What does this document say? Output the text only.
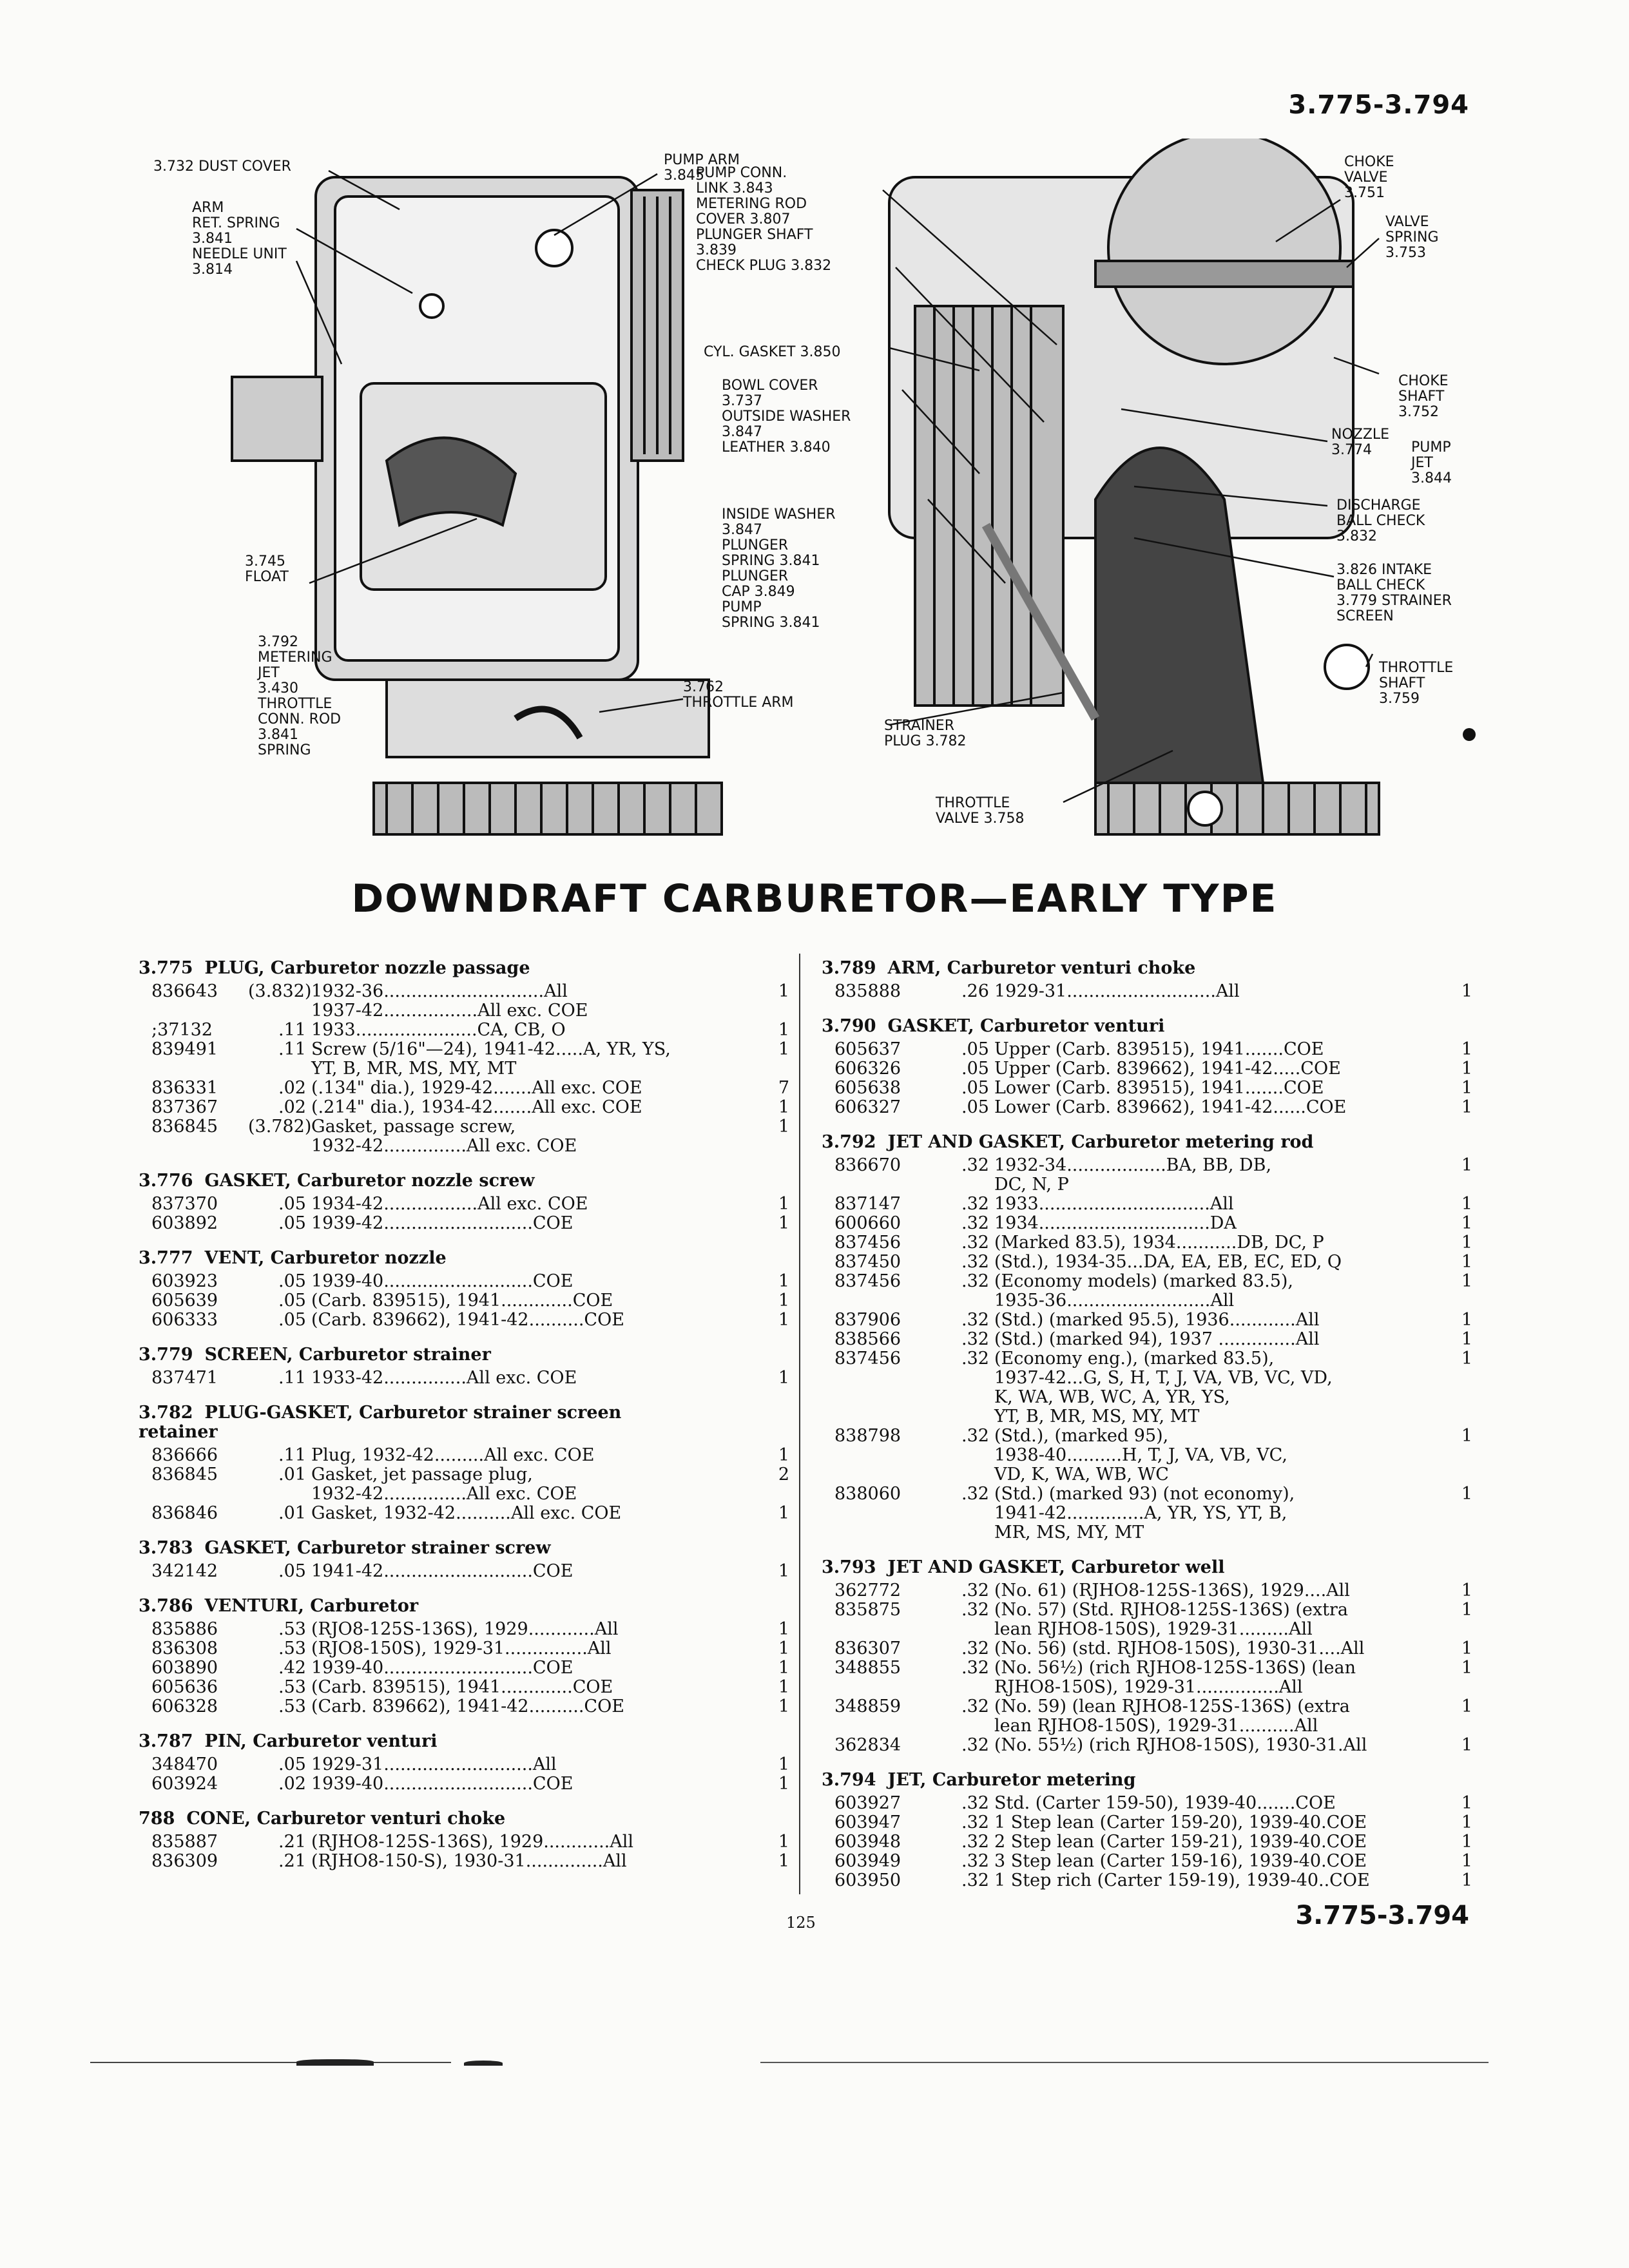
3.775-3.794
3.732 DUST COVER
ARM
RET. SPRING
3.841
NEEDLE UNIT
3.814
3.745
FLOAT
3.792
METERING
JET
3.430
THROTTLE
CONN. ROD
3.841
SPRING
PUMP ARM
3.845
3.762
THROTTLE ARM
PUMP CONN.
LINK 3.843
METERING ROD
COVER 3.807
PLUNGER SHAFT
3.839
CHECK PLUG 3.832
CYL. GASKET 3.850
BOWL COVER
3.737
OUTSIDE WASHER
3.847
LEATHER 3.840
INSIDE WASHER
3.847
PLUNGER
SPRING 3.841
PLUNGER
CAP 3.849
PUMP
SPRING 3.841
STRAINER
PLUG 3.782
THROTTLE
VALVE 3.758
CHOKE
VALVE
3.751
VALVE
SPRING
3.753
CHOKE
SHAFT
3.752
NOZZLE
3.774	PUMP
JET
3.844
DISCHARGE
BALL CHECK
3.832
3.826 INTAKE
BALL CHECK
3.779 STRAINER
SCREEN
THROTTLE
SHAFT
3.759
DOWNDRAFT CARBURETOR—EARLY TYPE
3.775 PLUG, Carburetor nozzle passage
836643	(3.832) 1932-36.............................All
1937-42.................All exc. COE
1
;37132	.11 1933......................CA, CB, O	1
839491	.11 Screw (5/16"—24), 1941-42.....A, YR, YS,
YT, B, MR, MS, MY, MT
1
836331	.02 (.134" dia.), 1929-42.......All exc. COE	7
837367	.02 (.214" dia.), 1934-42.......All exc. COE	1
836845	(3.782) Gasket, passage screw,
1932-42...............All exc. COE
1
3.776 GASKET, Carburetor nozzle screw
837370	.05 1934-42.................All exc. COE	1
603892	.05 1939-42...........................COE	1
3.777 VENT, Carburetor nozzle
603923	.05 1939-40...........................COE	1
605639	.05 (Carb. 839515), 1941.............COE	1
606333	.05 (Carb. 839662), 1941-42..........COE	1
3.779 SCREEN, Carburetor strainer
837471	.11 1933-42...............All exc. COE	1
3.782 PLUG-GASKET, Carburetor strainer screen
retainer
836666	.11 Plug, 1932-42.........All exc. COE	1
836845	.01 Gasket, jet passage plug,
1932-42...............All exc. COE
2
836846	.01 Gasket, 1932-42..........All exc. COE	1
3.783 GASKET, Carburetor strainer screw
342142	.05 1941-42...........................COE	1
3.786 VENTURI, Carburetor
835886	.53 (RJO8-125S-136S), 1929............All	1
836308	.53 (RJO8-150S), 1929-31...............All	1
603890	.42 1939-40...........................COE	1
605636	.53 (Carb. 839515), 1941.............COE	1
606328	.53 (Carb. 839662), 1941-42..........COE	1
3.787 PIN, Carburetor venturi
348470	.05 1929-31...........................All	1
603924	.02 1939-40...........................COE	1
788 CONE, Carburetor venturi choke
835887	.21 (RJHO8-125S-136S), 1929............All	1
836309	.21 (RJHO8-150-S), 1930-31..............All	1
3.789 ARM, Carburetor venturi choke
835888	.26 1929-31...........................All	1
3.790 GASKET, Carburetor venturi
605637	.05 Upper (Carb. 839515), 1941.......COE	1
606326	.05 Upper (Carb. 839662), 1941-42.....COE	1
605638	.05 Lower (Carb. 839515), 1941.......COE	1
606327	.05 Lower (Carb. 839662), 1941-42......COE	1
3.792 JET AND GASKET, Carburetor metering rod
836670	.32 1932-34..................BA, BB, DB,
DC, N, P
1
837147	.32 1933...............................All	1
600660	.32 1934...............................DA	1
837456	.32 (Marked 83.5), 1934...........DB, DC, P	1
837450	.32 (Std.), 1934-35...DA, EA, EB, EC, ED, Q	1
837456	.32 (Economy models) (marked 83.5),
1935-36..........................All
1
837906	.32 (Std.) (marked 95.5), 1936............All	1
838566	.32 (Std.) (marked 94), 1937 ..............All	1
837456	.32 (Economy eng.), (marked 83.5),
1937-42...G, S, H, T, J, VA, VB, VC, VD,
K, WA, WB, WC, A, YR, YS,
YT, B, MR, MS, MY, MT
1
838798	.32 (Std.), (marked 95),
1938-40..........H, T, J, VA, VB, VC,
VD, K, WA, WB, WC
1
838060	.32 (Std.) (marked 93) (not economy),
1941-42..............A, YR, YS, YT, B,
MR, MS, MY, MT
1
3.793 JET AND GASKET, Carburetor well
362772	.32 (No. 61) (RJHO8-125S-136S), 1929....All	1
835875	.32 (No. 57) (Std. RJHO8-125S-136S) (extra
lean RJHO8-150S), 1929-31.........All
1
836307	.32 (No. 56) (std. RJHO8-150S), 1930-31....All	1
348855	.32 (No. 56½) (rich RJHO8-125S-136S) (lean
RJHO8-150S), 1929-31...............All
1
348859	.32 (No. 59) (lean RJHO8-125S-136S) (extra
lean RJHO8-150S), 1929-31..........All
1
362834	.32 (No. 55½) (rich RJHO8-150S), 1930-31.All	1
3.794 JET, Carburetor metering
603927	.32 Std. (Carter 159-50), 1939-40.......COE	1
603947	.32 1 Step lean (Carter 159-20), 1939-40.COE	1
603948	.32 2 Step lean (Carter 159-21), 1939-40.COE	1
603949	.32 3 Step lean (Carter 159-16), 1939-40.COE	1
603950	.32 1 Step rich (Carter 159-19), 1939-40..COE	1
125	3.775-3.794
